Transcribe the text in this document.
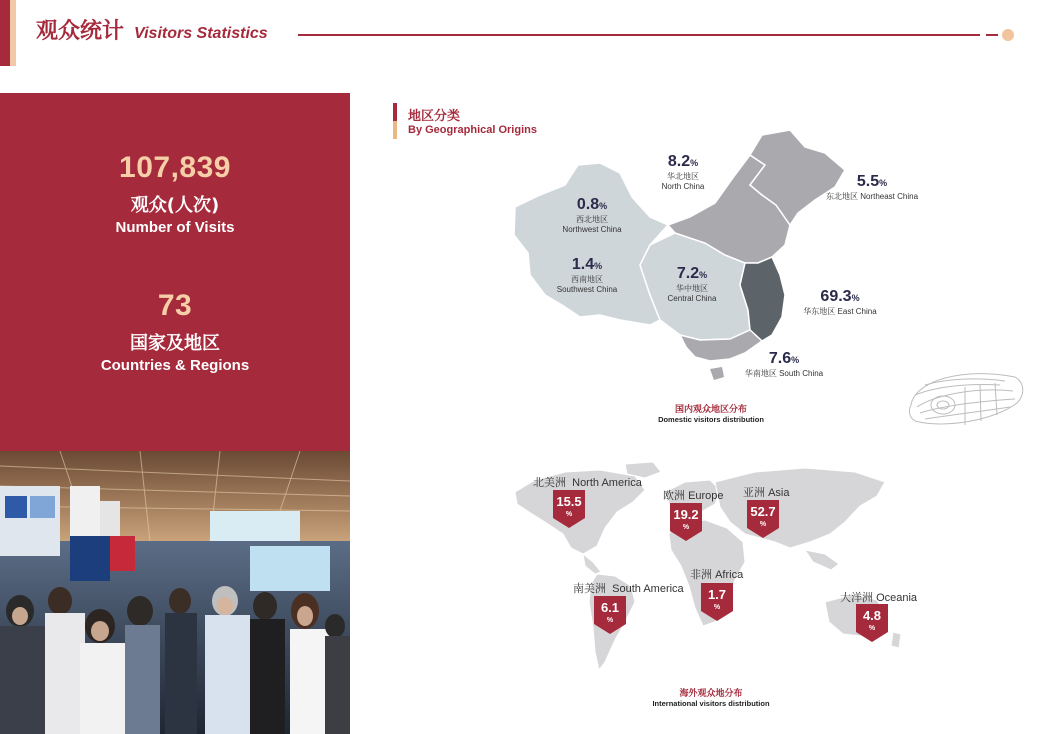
观众统计 Visitors Statistics
107,839
观众(人次)
Number of Visits
73
国家及地区
Countries & Regions
地区分类
By Geographical Origins
8.2%
华北地区
North China	5.5%
东北地区 Northeast China
0.8%
西北地区
Northwest China
1.4%
西南地区
Southwest China
7.2%
华中地区
Central China	69.3%
华东地区 East China
7.6%
华南地区 South China
国内观众地区分布
Domestic visitors distribution
北美洲 North America
15.5
%
欧洲 Europe
19.2
%
亚洲 Asia
52.7
%
南美洲 South America
6.1
%
非洲 Africa
1.7
%
大洋洲 Oceania
4.8
%
海外观众地分布
International visitors distribution
